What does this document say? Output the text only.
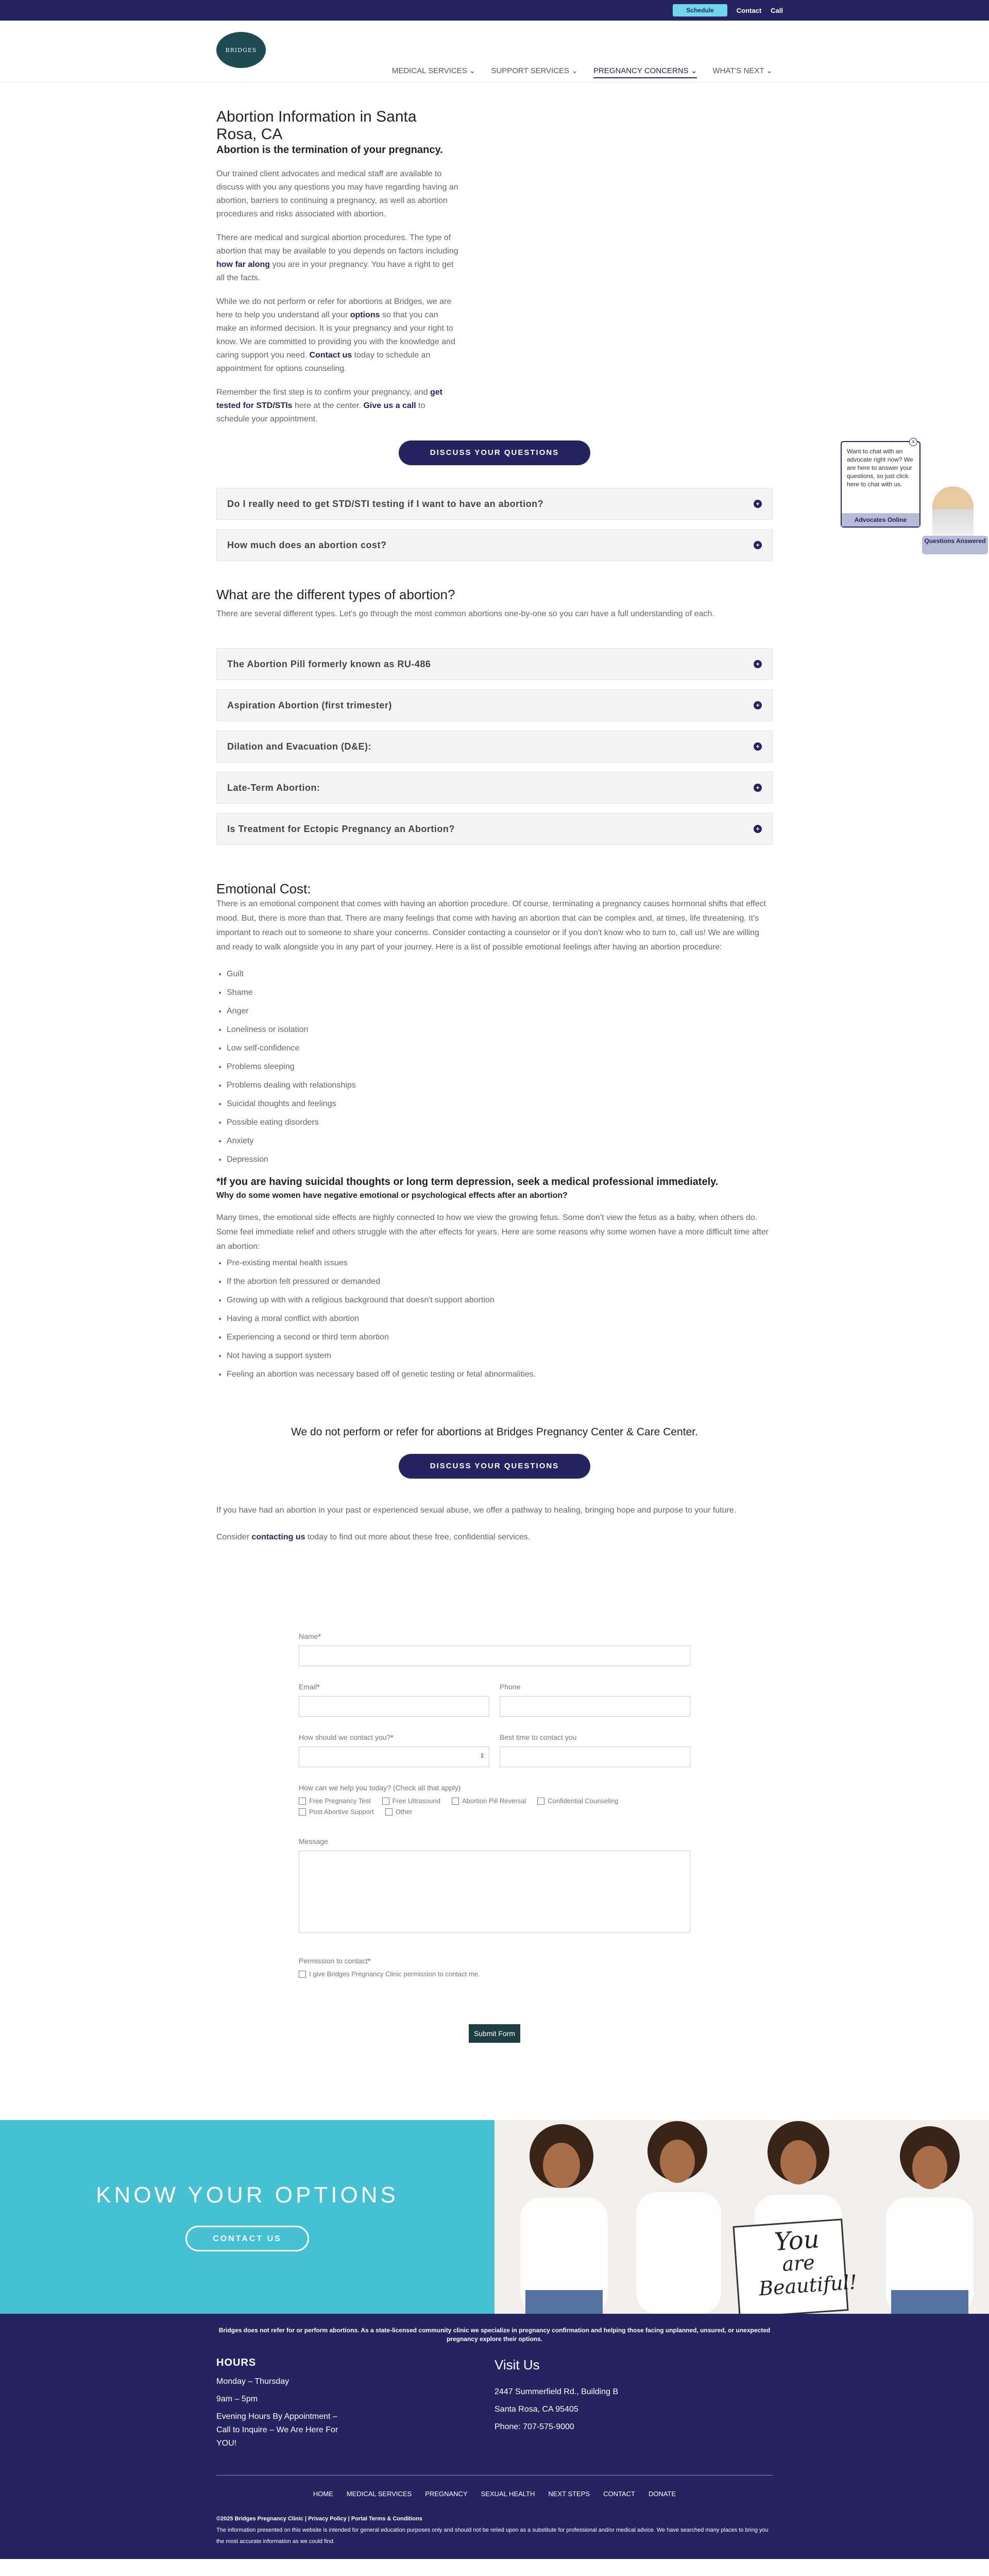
Schedule	Contact Call
BRIDGES
MEDICAL SERVICES ⌄ SUPPORT SERVICES ⌄ PREGNANCY CONCERNS ⌄ WHAT'S NEXT ⌄
x

Want to chat with an advocate right now? We are here to answer your questions, so just click here to chat with us.

Advocates Online
Questions Answered
Abortion Information in Santa Rosa, CA
Abortion is the termination of your pregnancy.

Our trained client advocates and medical staff are available to discuss with you any questions you may have regarding having an abortion, barriers to continuing a pregnancy, as well as abortion procedures and risks associated with abortion.

There are medical and surgical abortion procedures. The type of abortion that may be available to you depends on factors including how far along you are in your pregnancy. You have a right to get all the facts.

While we do not perform or refer for abortions at Bridges, we are here to help you understand all your options so that you can make an informed decision. It is your pregnancy and your right to know. We are committed to providing you with the knowledge and caring support you need. Contact us today to schedule an appointment for options counseling.

Remember the first step is to confirm your pregnancy, and get tested for STD/STIs here at the center. Give us a call to schedule your appointment.

DISCUSS YOUR QUESTIONS
Do I really need to get STD/STI testing if I want to have an abortion?	+
How much does an abortion cost?	+
What are the different types of abortion?

There are several different types. Let's go through the most common abortions one-by-one so you can have a full understanding of each.

The Abortion Pill formerly known as RU-486	+
Aspiration Abortion (first trimester)	+
Dilation and Evacuation (D&E):	+
Late-Term Abortion:	+
Is Treatment for Ectopic Pregnancy an Abortion?	+
Emotional Cost:

There is an emotional component that comes with having an abortion procedure. Of course, terminating a pregnancy causes hormonal shifts that effect mood. But, there is more than that. There are many feelings that come with having an abortion that can be complex and, at times, life threatening. It's important to reach out to someone to share your concerns. Consider contacting a counselor or if you don't know who to turn to, call us! We are willing and ready to walk alongside you in any part of your journey. Here is a list of possible emotional feelings after having an abortion procedure:

• Guilt
• Shame
• Anger
• Loneliness or isolation
• Low self-confidence
• Problems sleeping
• Problems dealing with relationships
• Suicidal thoughts and feelings
• Possible eating disorders
• Anxiety
• Depression

*If you are having suicidal thoughts or long term depression, seek a medical professional immediately.

Why do some women have negative emotional or psychological effects after an abortion?

Many times, the emotional side effects are highly connected to how we view the growing fetus. Some don't view the fetus as a baby, when others do. Some feel immediate relief and others struggle with the after effects for years. Here are some reasons why some women have a more difficult time after an abortion:

• Pre-existing mental health issues
• If the abortion felt pressured or demanded
• Growing up with with a religious background that doesn't support abortion
• Having a moral conflict with abortion
• Experiencing a second or third term abortion
• Not having a support system
• Feeling an abortion was necessary based off of genetic testing or fetal abnormalities.

We do not perform or refer for abortions at Bridges Pregnancy Center & Care Center.

DISCUSS YOUR QUESTIONS

If you have had an abortion in your past or experienced sexual abuse, we offer a pathway to healing, bringing hope and purpose to your future.

Consider contacting us today to find out more about these free, confidential services.

Name*
Email*	Phone
How should we contact you?*
⇕
Best time to contact you
How can we help you today? (Check all that apply)
Free Pregnancy Test	Free Ultrasound	Abortion Pill Reversal	Confidential Counseling
Post Abortive Support	Other
Message
Permission to contact*
I give Bridges Pregnancy Clinic permission to contact me.
Submit Form
KNOW YOUR OPTIONS
CONTACT US	You
are
Beautiful!

Bridges does not refer for or perform abortions. As a state-licensed community clinic we specialize in pregnancy confirmation and helping those facing unplanned, unsured, or unexpected pregnancy explore their options.

HOURS

Monday – Thursday

9am – 5pm

Evening Hours By Appointment – Call to Inquire – We Are Here For YOU!

Visit Us

2447 Summerfield Rd., Building B

Santa Rosa, CA 95405

Phone: 707-575-9000

HOME MEDICAL SERVICES PREGNANCY SEXUAL HEALTH NEXT STEPS CONTACT DONATE

©2025 Bridges Pregnancy Clinic | Privacy Policy | Portal Terms & Conditions

The information presented on this website is intended for general education purposes only and should not be relied upon as a substitute for professional and/or medical advice. We have searched many places to bring you the most accurate information as we could find.
